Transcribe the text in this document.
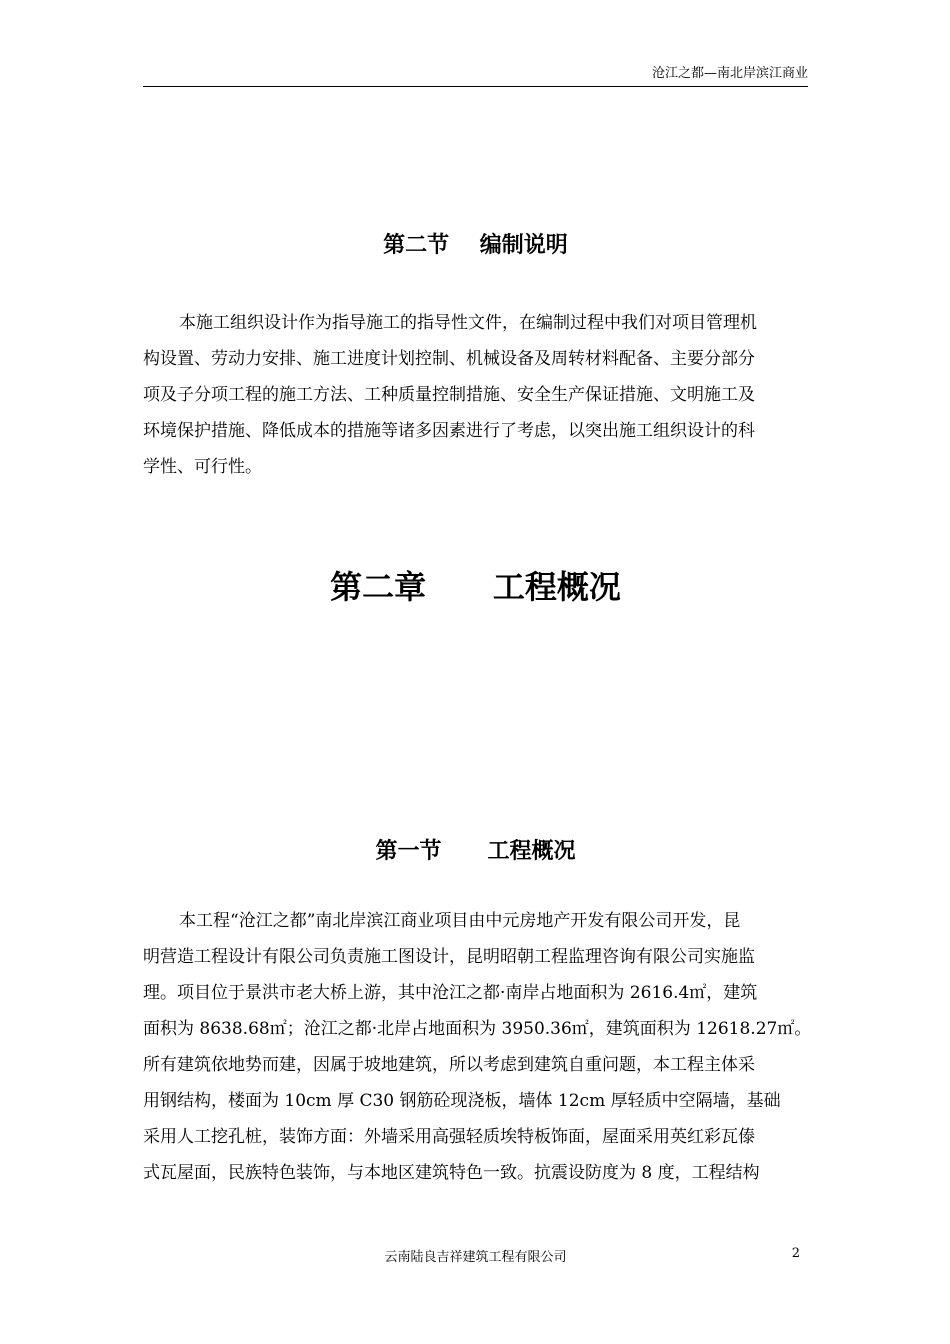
沧江之都—南北岸滨江商业
第二节    编制说明
本施工组织设计作为指导施工的指导性文件，在编制过程中我们对项目管理机
构设置、劳动力安排、施工进度计划控制、机械设备及周转材料配备、主要分部分
项及子分项工程的施工方法、工种质量控制措施、安全生产保证措施、文明施工及
环境保护措施、降低成本的措施等诸多因素进行了考虑，以突出施工组织设计的科
学性、可行性。
第二章      工程概况
第一节      工程概况
本工程“沧江之都”南北岸滨江商业项目由中元房地产开发有限公司开发，昆
明营造工程设计有限公司负责施工图设计，昆明昭朝工程监理咨询有限公司实施监
理。项目位于景洪市老大桥上游，其中沧江之都·南岸占地面积为 2616.4㎡，建筑
面积为 8638.68㎡；沧江之都·北岸占地面积为 3950.36㎡，建筑面积为 12618.27㎡。
所有建筑依地势而建，因属于坡地建筑，所以考虑到建筑自重问题，本工程主体采
用钢结构，楼面为 10cm 厚 C30 钢筋砼现浇板，墙体 12cm 厚轻质中空隔墙，基础
采用人工挖孔桩，装饰方面：外墙采用高强轻质埃特板饰面，屋面采用英红彩瓦傣
式瓦屋面，民族特色装饰，与本地区建筑特色一致。抗震设防度为 8 度，工程结构
云南陆良吉祥建筑工程有限公司	2
